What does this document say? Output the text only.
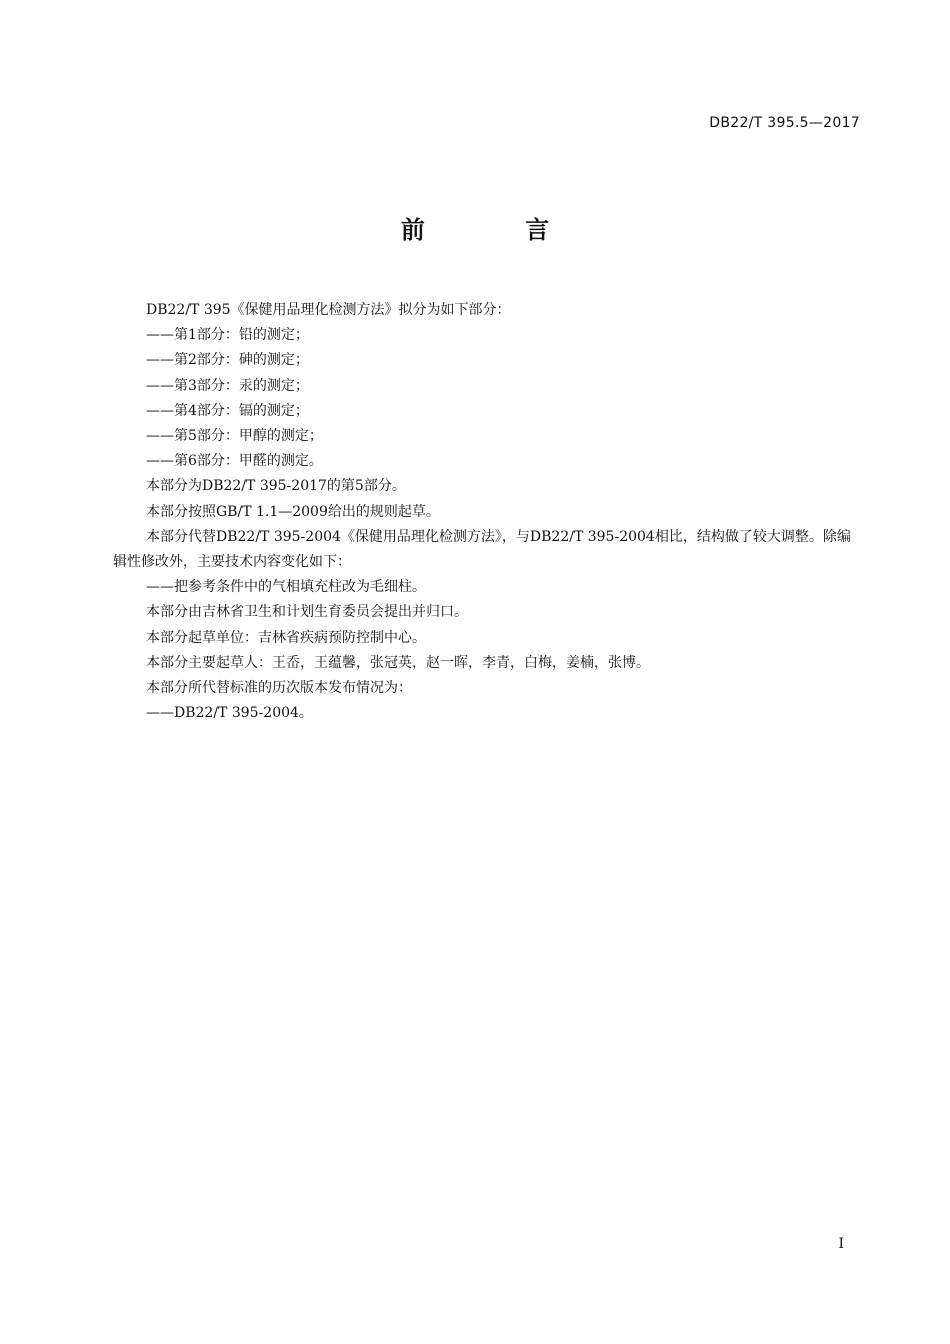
DB22/T 395.5—2017
前 言

DB22/T 395《保健用品理化检测方法》拟分为如下部分：

——第1部分：铅的测定；

——第2部分：砷的测定；

——第3部分：汞的测定；

——第4部分：镉的测定；

——第5部分：甲醇的测定；

——第6部分：甲醛的测定。

本部分为DB22/T 395-2017的第5部分。

本部分按照GB/T 1.1—2009给出的规则起草。

本部分代替DB22/T 395-2004《保健用品理化检测方法》，与DB22/T 395-2004相比，结构做了较大调整。除编辑性修改外，主要技术内容变化如下：

——把参考条件中的气相填充柱改为毛细柱。

本部分由吉林省卫生和计划生育委员会提出并归口。

本部分起草单位：吉林省疾病预防控制中心。

本部分主要起草人：王岙，王蕴馨，张冠英，赵一晖，李青，白梅，姜楠，张博。

本部分所代替标准的历次版本发布情况为：

——DB22/T 395-2004。

I
